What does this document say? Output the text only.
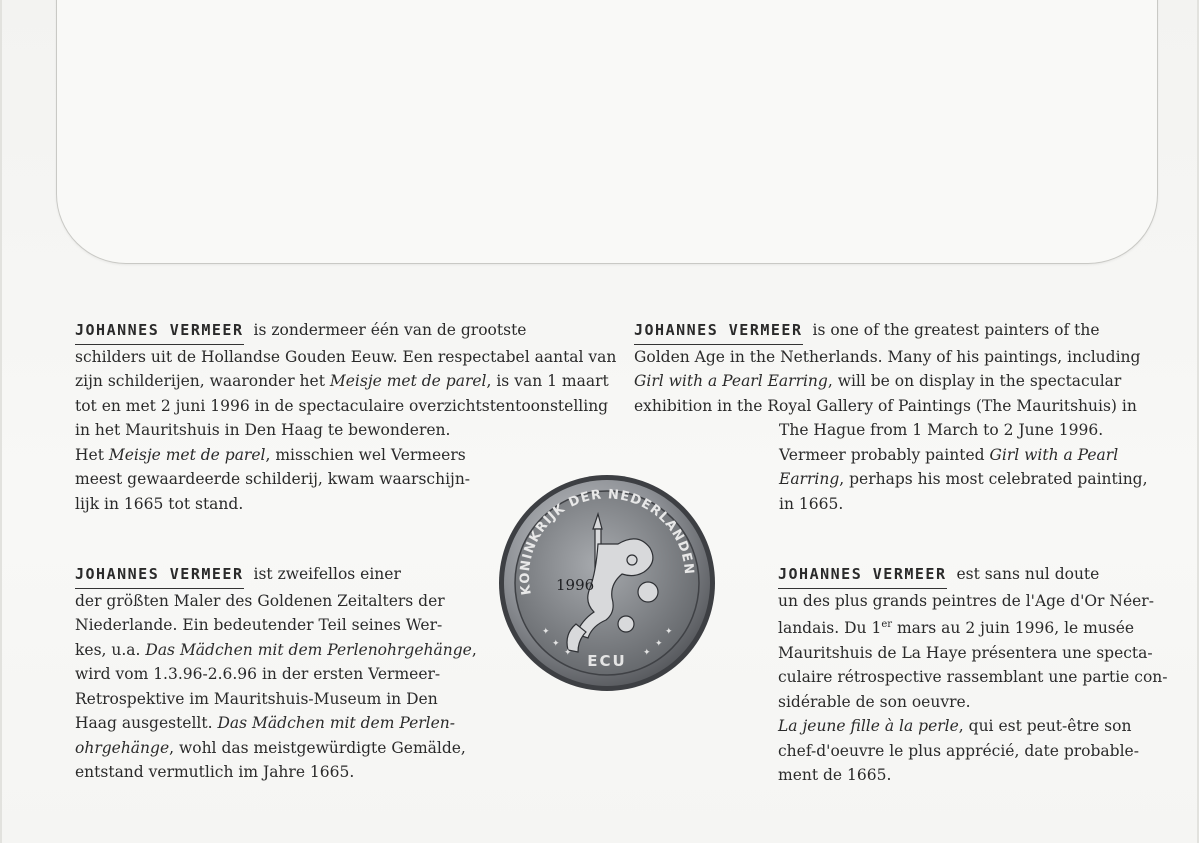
JOHANNES VERMEER is zondermeer één van de grootste
schilders uit de Hollandse Gouden Eeuw. Een respectabel aantal van
zijn schilderijen, waaronder het Meisje met de parel, is van 1 maart
tot en met 2 juni 1996 in de spectaculaire overzichtstentoonstelling
in het Mauritshuis in Den Haag te bewonderen.
Het Meisje met de parel, misschien wel Vermeers
meest gewaardeerde schilderij, kwam waarschijn-
lijk in 1665 tot stand.
JOHANNES VERMEER is one of the greatest painters of the
Golden Age in the Netherlands. Many of his paintings, including
Girl with a Pearl Earring, will be on display in the spectacular
exhibition in the Royal Gallery of Paintings (The Mauritshuis) in
The Hague from 1 March to 2 June 1996.
Vermeer probably painted Girl with a Pearl
Earring, perhaps his most celebrated painting,
in 1665.
JOHANNES VERMEER ist zweifellos einer
der größten Maler des Goldenen Zeitalters der
Niederlande. Ein bedeutender Teil seines Wer-
kes, u.a. Das Mädchen mit dem Perlenohrgehänge,
wird vom 1.3.96-2.6.96 in der ersten Vermeer-
Retrospektive im Mauritshuis-Museum in Den
Haag ausgestellt. Das Mädchen mit dem Perlen-
ohrgehänge, wohl das meistgewürdigte Gemälde,
entstand vermutlich im Jahre 1665.
JOHANNES VERMEER est sans nul doute
un des plus grands peintres de l'Age d'Or Néer-
landais. Du 1er mars au 2 juin 1996, le musée
Mauritshuis de La Haye présentera une specta-
culaire rétrospective rassemblant une partie con-
sidérable de son oeuvre.
La jeune fille à la perle, qui est peut-être son
chef-d'oeuvre le plus apprécié, date probable-
ment de 1665.
KONINKRIJK DER NEDERLANDEN
1996
ECU
✦
✦
✦	✦
✦
✦
